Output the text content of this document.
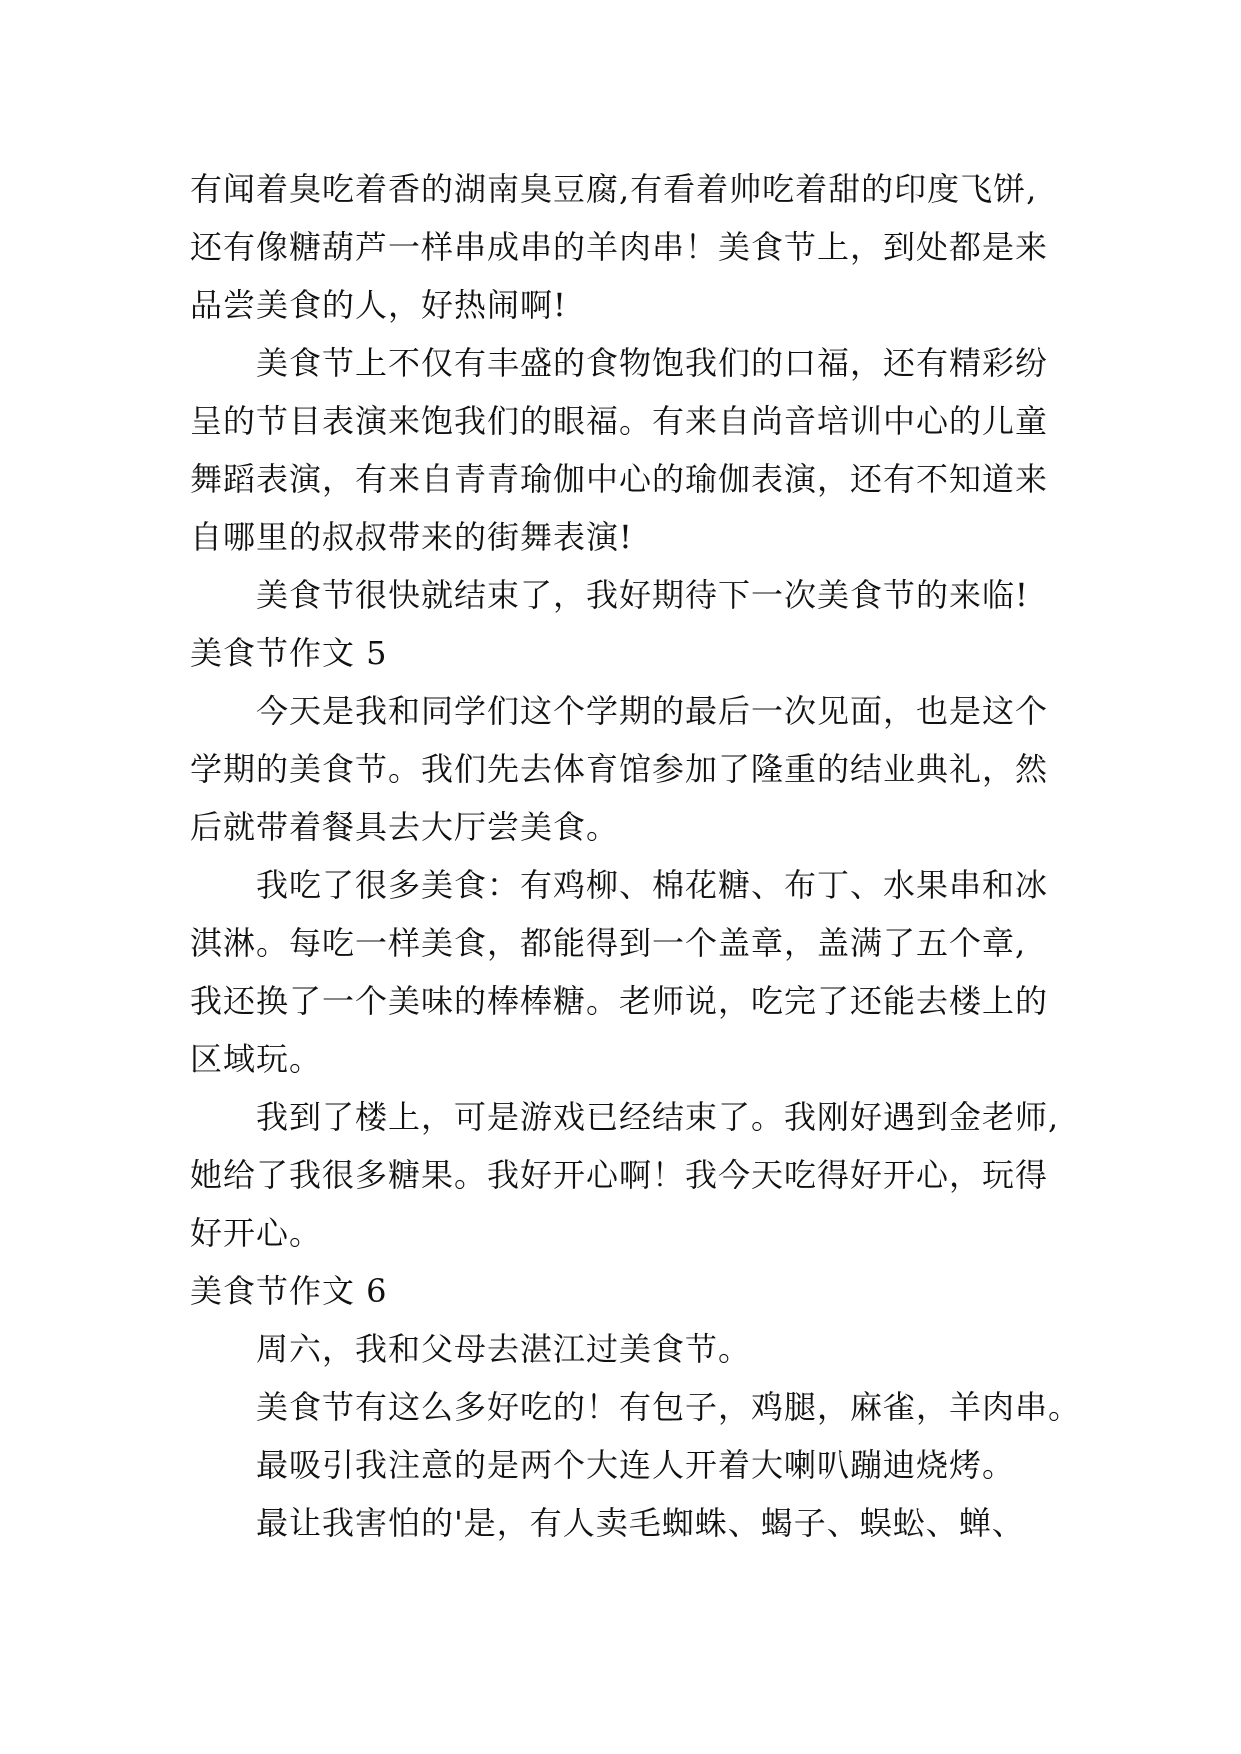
有闻着臭吃着香的湖南臭豆腐,有看着帅吃着甜的印度飞饼,
还有像糖葫芦一样串成串的羊肉串！美食节上，到处都是来
品尝美食的人，好热闹啊!
美食节上不仅有丰盛的食物饱我们的口福，还有精彩纷
呈的节目表演来饱我们的眼福。有来自尚音培训中心的儿童
舞蹈表演，有来自青青瑜伽中心的瑜伽表演，还有不知道来
自哪里的叔叔带来的街舞表演!
美食节很快就结束了，我好期待下一次美食节的来临!
美食节作文 5
今天是我和同学们这个学期的最后一次见面，也是这个
学期的美食节。我们先去体育馆参加了隆重的结业典礼，然
后就带着餐具去大厅尝美食。
我吃了很多美食：有鸡柳、棉花糖、布丁、水果串和冰
淇淋。每吃一样美食，都能得到一个盖章，盖满了五个章,
我还换了一个美味的棒棒糖。老师说，吃完了还能去楼上的
区域玩。
我到了楼上，可是游戏已经结束了。我刚好遇到金老师,
她给了我很多糖果。我好开心啊！我今天吃得好开心，玩得
好开心。
美食节作文 6
周六，我和父母去湛江过美食节。
美食节有这么多好吃的！有包子，鸡腿，麻雀，羊肉串。
最吸引我注意的是两个大连人开着大喇叭蹦迪烧烤。
最让我害怕的'是，有人卖毛蜘蛛、蝎子、蜈蚣、蝉、
